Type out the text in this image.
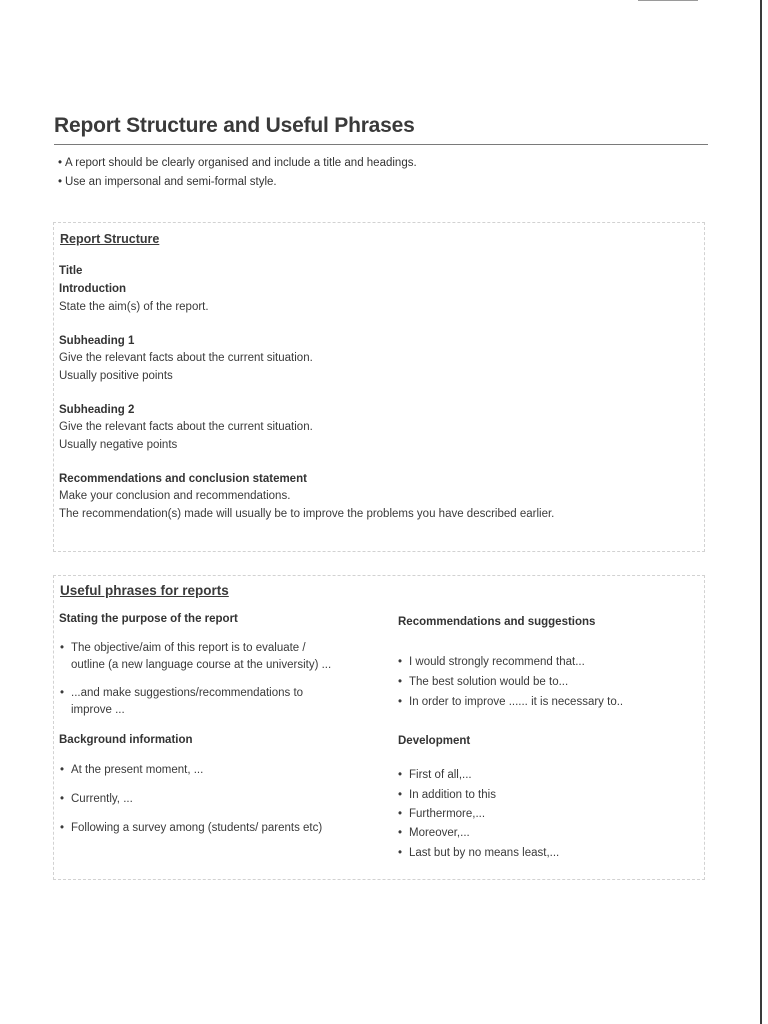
Report Structure and Useful Phrases
• A report should be clearly organised and include a title and headings.
• Use an impersonal and semi-formal style.
Report Structure
Title
Introduction
State the aim(s) of the report.
Subheading 1
Give the relevant facts about the current situation.
Usually positive points
Subheading 2
Give the relevant facts about the current situation.
Usually negative points
Recommendations and conclusion statement
Make your conclusion and recommendations.
The recommendation(s) made will usually be to improve the problems you have described earlier.
Useful phrases for reports
Stating the purpose of the report
• The objective/aim of this report is to evaluate /
outline (a new language course at the university) ...
• ...and make suggestions/recommendations to
improve ...
Background information
• At the present moment, ...
• Currently, ...
• Following a survey among (students/ parents etc)
Recommendations and suggestions
• I would strongly recommend that...
• The best solution would be to...
• In order to improve ...... it is necessary to..
Development
• First of all,...
• In addition to this
• Furthermore,...
• Moreover,...
• Last but by no means least,...
